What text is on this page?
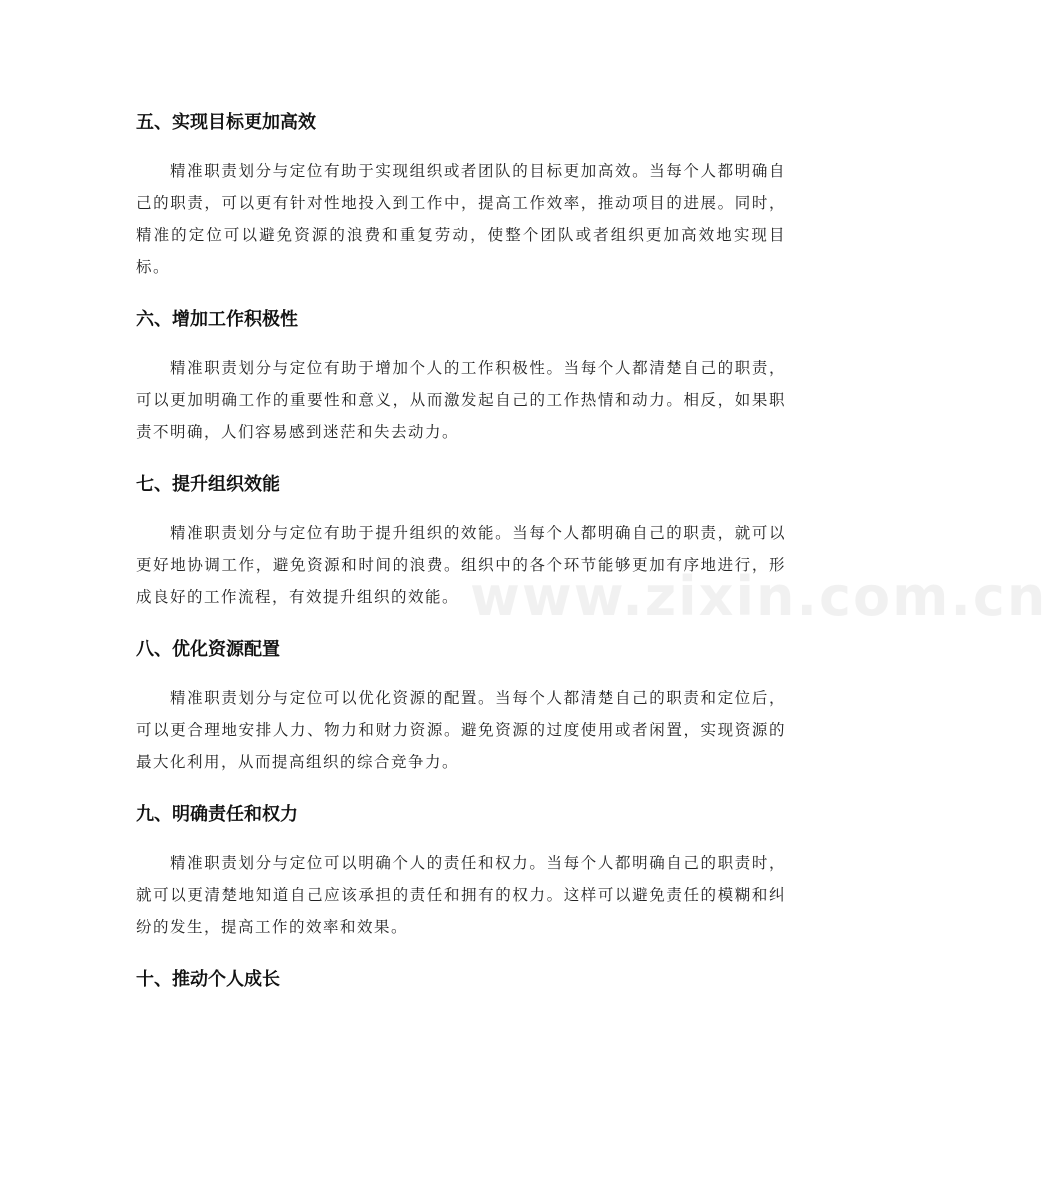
www.zixin.com.cn
五、实现目标更加高效

精准职责划分与定位有助于实现组织或者团队的目标更加高效。当每个人都明确自己的职责，可以更有针对性地投入到工作中，提高工作效率，推动项目的进展。同时，精准的定位可以避免资源的浪费和重复劳动，使整个团队或者组织更加高效地实现目标。

六、增加工作积极性

精准职责划分与定位有助于增加个人的工作积极性。当每个人都清楚自己的职责，可以更加明确工作的重要性和意义，从而激发起自己的工作热情和动力。相反，如果职责不明确，人们容易感到迷茫和失去动力。

七、提升组织效能

精准职责划分与定位有助于提升组织的效能。当每个人都明确自己的职责，就可以更好地协调工作，避免资源和时间的浪费。组织中的各个环节能够更加有序地进行，形成良好的工作流程，有效提升组织的效能。

八、优化资源配置

精准职责划分与定位可以优化资源的配置。当每个人都清楚自己的职责和定位后，可以更合理地安排人力、物力和财力资源。避免资源的过度使用或者闲置，实现资源的最大化利用，从而提高组织的综合竞争力。

九、明确责任和权力

精准职责划分与定位可以明确个人的责任和权力。当每个人都明确自己的职责时，就可以更清楚地知道自己应该承担的责任和拥有的权力。这样可以避免责任的模糊和纠纷的发生，提高工作的效率和效果。

十、推动个人成长
